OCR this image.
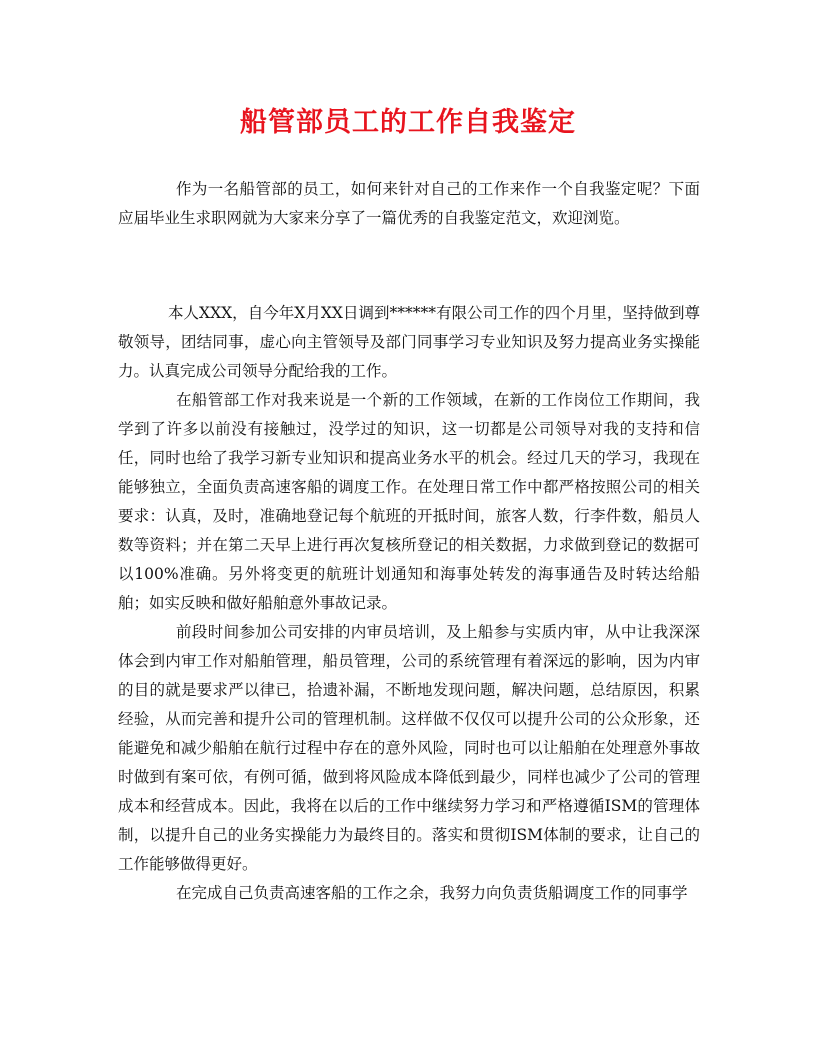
船管部员工的工作自我鉴定

作为一名船管部的员工，如何来针对自己的工作来作一个自我鉴定呢？下面应届毕业生求职网就为大家来分享了一篇优秀的自我鉴定范文，欢迎浏览。

本人XXX，自今年X月XX日调到******有限公司工作的四个月里，坚持做到尊敬领导，团结同事，虚心向主管领导及部门同事学习专业知识及努力提高业务实操能力。认真完成公司领导分配给我的工作。

在船管部工作对我来说是一个新的工作领域，在新的工作岗位工作期间，我学到了许多以前没有接触过，没学过的知识，这一切都是公司领导对我的支持和信任，同时也给了我学习新专业知识和提高业务水平的机会。经过几天的学习，我现在能够独立，全面负责高速客船的调度工作。在处理日常工作中都严格按照公司的相关要求：认真，及时，准确地登记每个航班的开抵时间，旅客人数，行李件数，船员人数等资料；并在第二天早上进行再次复核所登记的相关数据，力求做到登记的数据可以100%准确。另外将变更的航班计划通知和海事处转发的海事通告及时转达给船舶；如实反映和做好船舶意外事故记录。

前段时间参加公司安排的内审员培训，及上船参与实质内审，从中让我深深体会到内审工作对船舶管理，船员管理，公司的系统管理有着深远的影响，因为内审的目的就是要求严以律已，拾遗补漏，不断地发现问题，解决问题，总结原因，积累经验，从而完善和提升公司的管理机制。这样做不仅仅可以提升公司的公众形象，还能避免和减少船舶在航行过程中存在的意外风险，同时也可以让船舶在处理意外事故时做到有案可依，有例可循，做到将风险成本降低到最少，同样也减少了公司的管理成本和经营成本。因此，我将在以后的工作中继续努力学习和严格遵循ISM的管理体制，以提升自己的业务实操能力为最终目的。落实和贯彻ISM体制的要求，让自己的工作能够做得更好。

在完成自己负责高速客船的工作之余，我努力向负责货船调度工作的同事学
